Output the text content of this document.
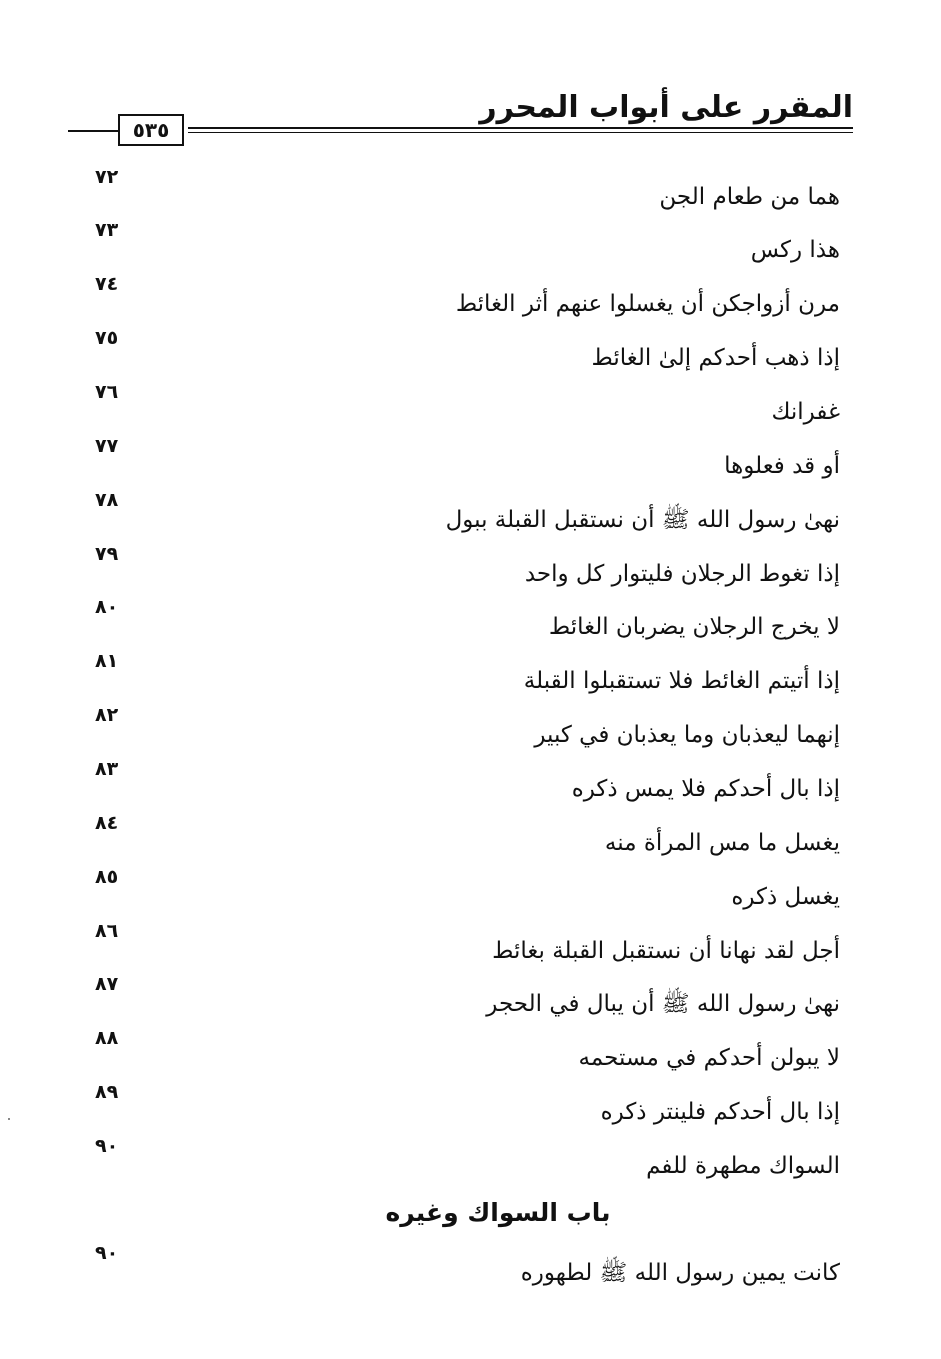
المقرر على أبواب المحرر
٥٣٥
هما من طعام الجن
٧٢
هذا ركس
٧٣
مرن أزواجكن أن يغسلوا عنهم أثر الغائط
٧٤
إذا ذهب أحدكم إلىٰ الغائط
٧٥
غفرانك
٧٦
أو قد فعلوها
٧٧
نهىٰ رسول الله ﷺ أن نستقبل القبلة ببول
٧٨
إذا تغوط الرجلان فليتوار كل واحد
٧٩
لا يخرج الرجلان يضربان الغائط
٨٠
إذا أتيتم الغائط فلا تستقبلوا القبلة
٨١
إنهما ليعذبان وما يعذبان في كبير
٨٢
إذا بال أحدكم فلا يمس ذكره
٨٣
يغسل ما مس المرأة منه
٨٤
يغسل ذكره
٨٥
أجل لقد نهانا أن نستقبل القبلة بغائط
٨٦
نهىٰ رسول الله ﷺ أن يبال في الحجر
٨٧
لا يبولن أحدكم في مستحمه
٨٨
إذا بال أحدكم فلينتر ذكره
٨٩
السواك مطهرة للفم
٩٠
باب السواك وغيره
كانت يمين رسول الله ﷺ لطهوره
٩٠
